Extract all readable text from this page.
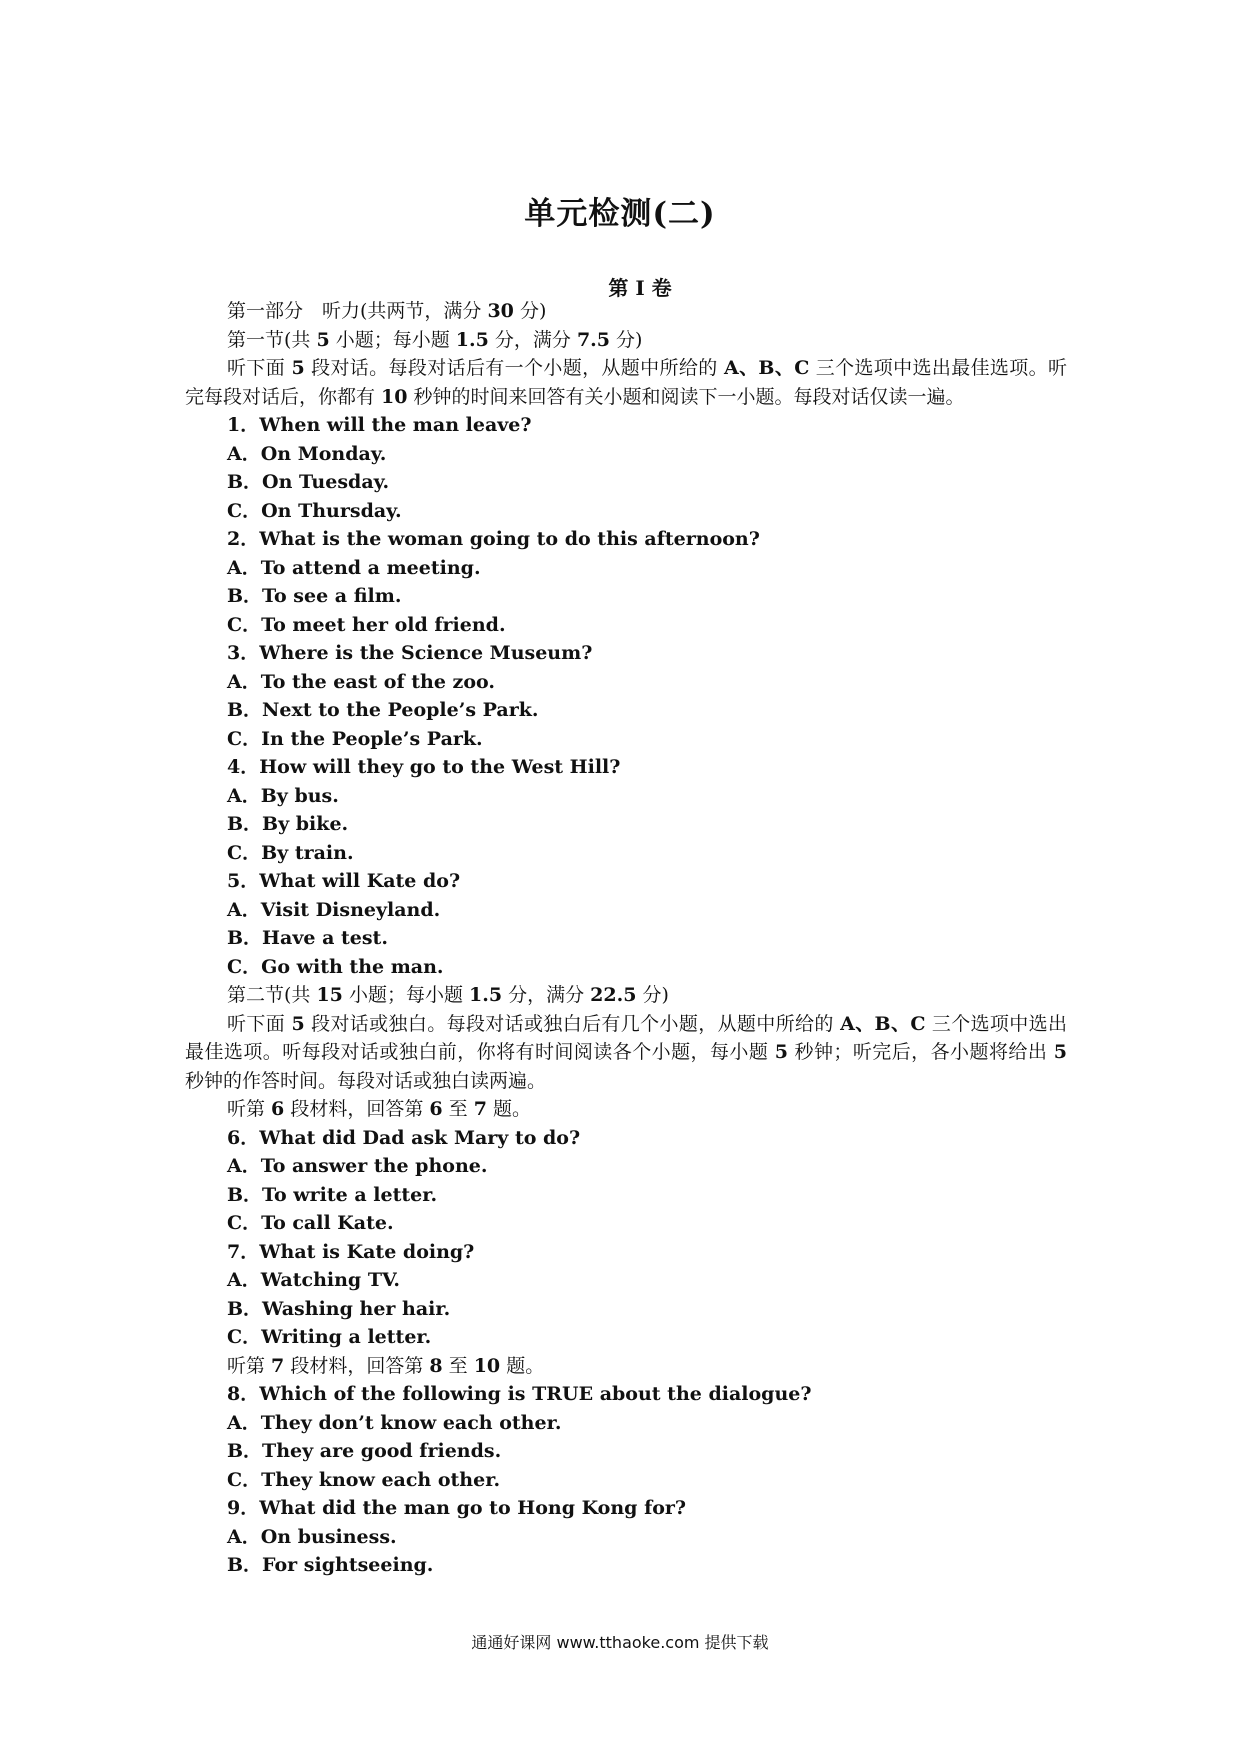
单元检测(二)
第 I 卷
第一部分　听力(共两节，满分 30 分)
第一节(共 5 小题；每小题 1.5 分，满分 7.5 分)
听下面 5 段对话。每段对话后有一个小题，从题中所给的 A、B、C 三个选项中选出最佳选项。听完每段对话后，你都有 10 秒钟的时间来回答有关小题和阅读下一小题。每段对话仅读一遍。
1．When will the man leave?
A．On Monday.
B．On Tuesday.
C．On Thursday.
2．What is the woman going to do this afternoon?
A．To attend a meeting.
B．To see a film.
C．To meet her old friend.
3．Where is the Science Museum?
A．To the east of the zoo.
B．Next to the People’s Park.
C．In the People’s Park.
4．How will they go to the West Hill?
A．By bus.
B．By bike.
C．By train.
5．What will Kate do?
A．Visit Disneyland.
B．Have a test.
C．Go with the man.
第二节(共 15 小题；每小题 1.5 分，满分 22.5 分)
听下面 5 段对话或独白。每段对话或独白后有几个小题，从题中所给的 A、B、C 三个选项中选出最佳选项。听每段对话或独白前，你将有时间阅读各个小题，每小题 5 秒钟；听完后，各小题将给出 5 秒钟的作答时间。每段对话或独白读两遍。
听第 6 段材料，回答第 6 至 7 题。
6．What did Dad ask Mary to do?
A．To answer the phone.
B．To write a letter.
C．To call Kate.
7．What is Kate doing?
A．Watching TV.
B．Washing her hair.
C．Writing a letter.
听第 7 段材料，回答第 8 至 10 题。
8．Which of the following is TRUE about the dialogue?
A．They don’t know each other.
B．They are good friends.
C．They know each other.
9．What did the man go to Hong Kong for?
A．On business.
B．For sightseeing.
通通好课网 www.tthaoke.com 提供下载
